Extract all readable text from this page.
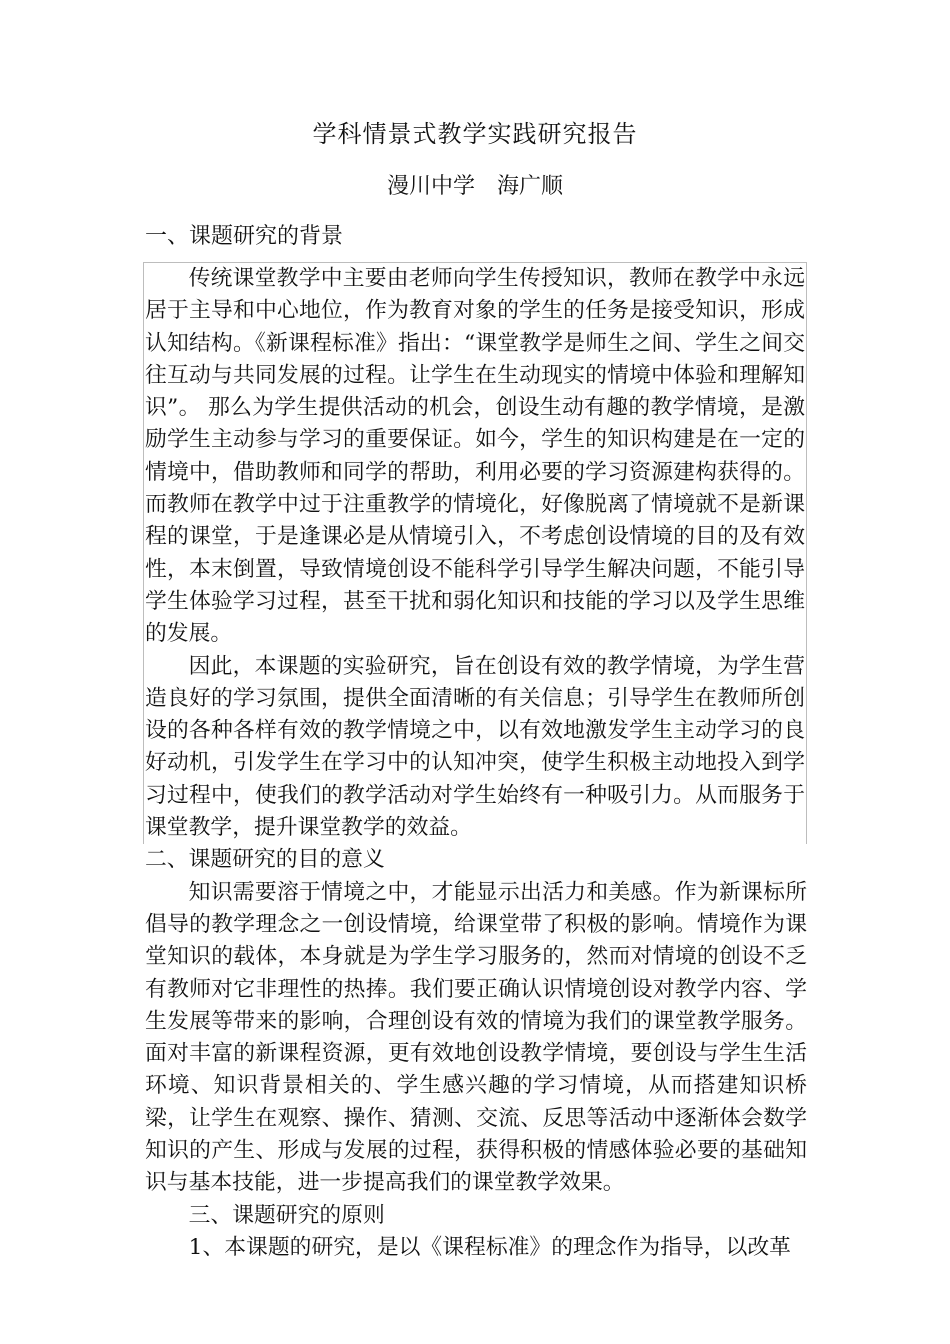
学科情景式教学实践研究报告
漫川中学　海广顺
一、课题研究的背景

传统课堂教学中主要由老师向学生传授知识，教师在教学中永远居于主导和中心地位，作为教育对象的学生的任务是接受知识，形成认知结构。《新课程标准》指出：“课堂教学是师生之间、学生之间交往互动与共同发展的过程。让学生在生动现实的情境中体验和理解知识”。 那么为学生提供活动的机会，创设生动有趣的教学情境，是激励学生主动参与学习的重要保证。如今，学生的知识构建是在一定的情境中，借助教师和同学的帮助，利用必要的学习资源建构获得的。而教师在教学中过于注重教学的情境化，好像脱离了情境就不是新课程的课堂，于是逢课必是从情境引入，不考虑创设情境的目的及有效性，本末倒置，导致情境创设不能科学引导学生解决问题，不能引导学生体验学习过程，甚至干扰和弱化知识和技能的学习以及学生思维的发展。

因此，本课题的实验研究，旨在创设有效的教学情境，为学生营造良好的学习氛围，提供全面清晰的有关信息；引导学生在教师所创设的各种各样有效的教学情境之中，以有效地激发学生主动学习的良好动机，引发学生在学习中的认知冲突，使学生积极主动地投入到学习过程中，使我们的教学活动对学生始终有一种吸引力。从而服务于课堂教学，提升课堂教学的效益。

二、课题研究的目的意义

知识需要溶于情境之中，才能显示出活力和美感。作为新课标所倡导的教学理念之一创设情境，给课堂带了积极的影响。情境作为课堂知识的载体，本身就是为学生学习服务的，然而对情境的创设不乏有教师对它非理性的热捧。我们要正确认识情境创设对教学内容、学生发展等带来的影响，合理创设有效的情境为我们的课堂教学服务。面对丰富的新课程资源，更有效地创设教学情境，要创设与学生生活环境、知识背景相关的、学生感兴趣的学习情境，从而搭建知识桥梁，让学生在观察、操作、猜测、交流、反思等活动中逐渐体会数学知识的产生、形成与发展的过程，获得积极的情感体验必要的基础知识与基本技能，进一步提高我们的课堂教学效果。

三、课题研究的原则

1、本课题的研究，是以《课程标准》的理念作为指导，以改革
